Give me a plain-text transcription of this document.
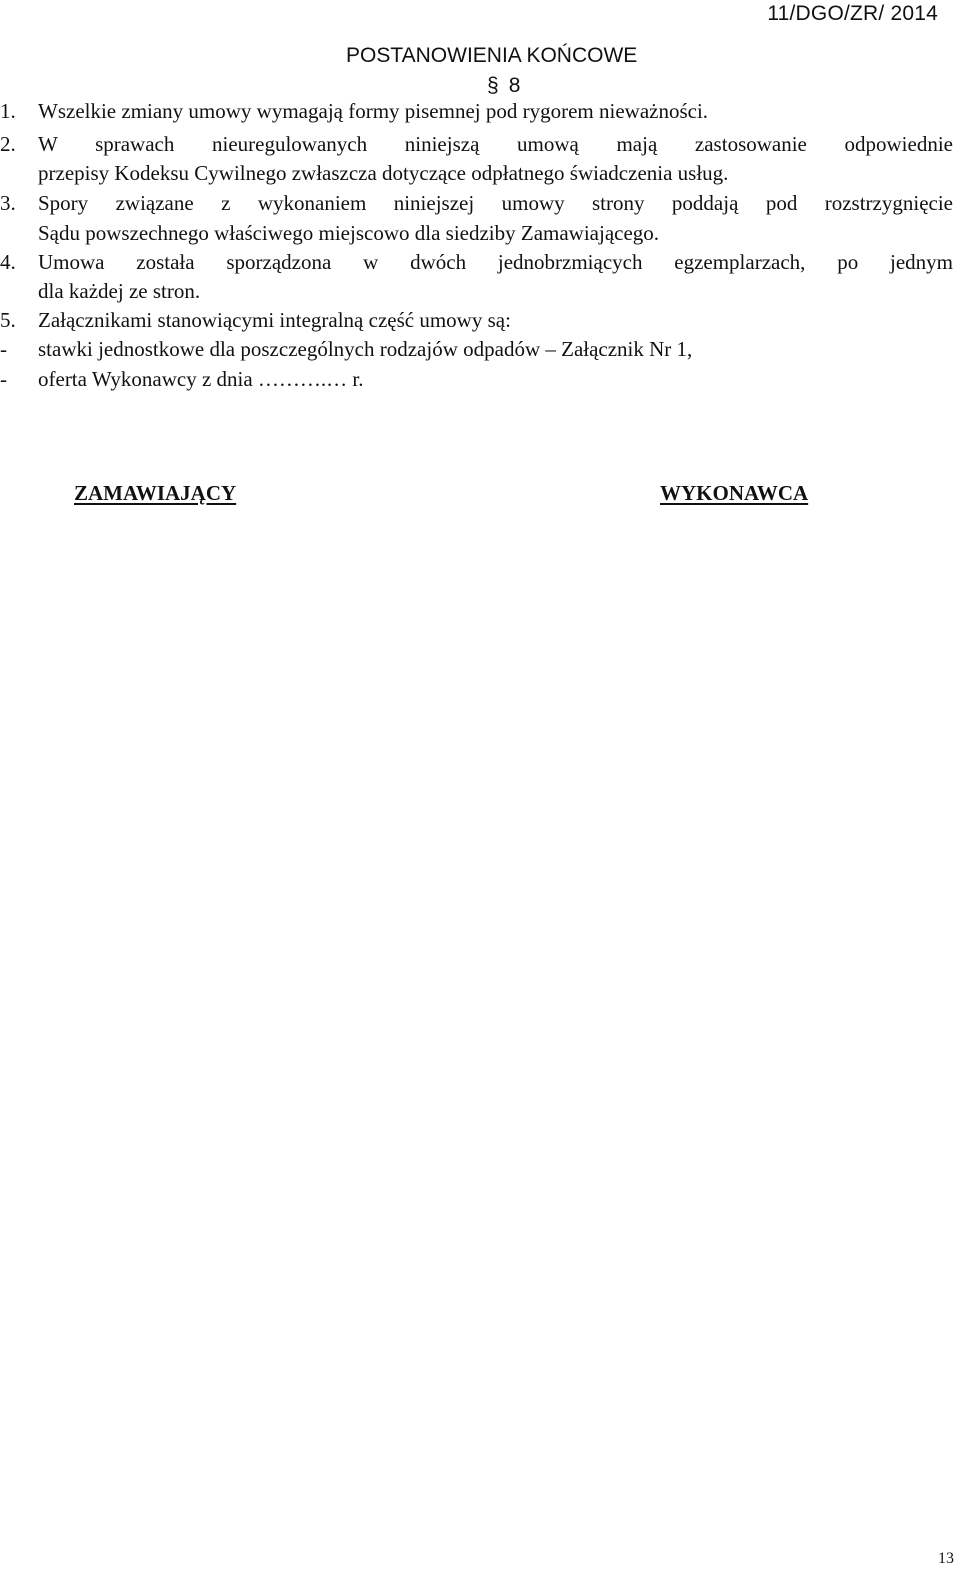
11/DGO/ZR/ 2014
POSTANOWIENIA KOŃCOWE
§ 8
1.	Wszelkie zmiany umowy wymagają formy pisemnej pod rygorem nieważności.
2.	W sprawach nieuregulowanych niniejszą umową mają zastosowanie odpowiednie
przepisy Kodeksu Cywilnego zwłaszcza dotyczące odpłatnego świadczenia usług.
3.	Spory związane z wykonaniem niniejszej umowy strony poddają pod rozstrzygnięcie
Sądu powszechnego właściwego miejscowo dla siedziby Zamawiającego.
4.	Umowa została sporządzona w dwóch jednobrzmiących egzemplarzach, po jednym
dla każdej ze stron.
5.	Załącznikami stanowiącymi integralną część umowy są:
- stawki jednostkowe dla poszczególnych rodzajów odpadów – Załącznik Nr 1,
- oferta Wykonawcy z dnia ……….… r.
ZAMAWIAJĄCY	WYKONAWCA
13
